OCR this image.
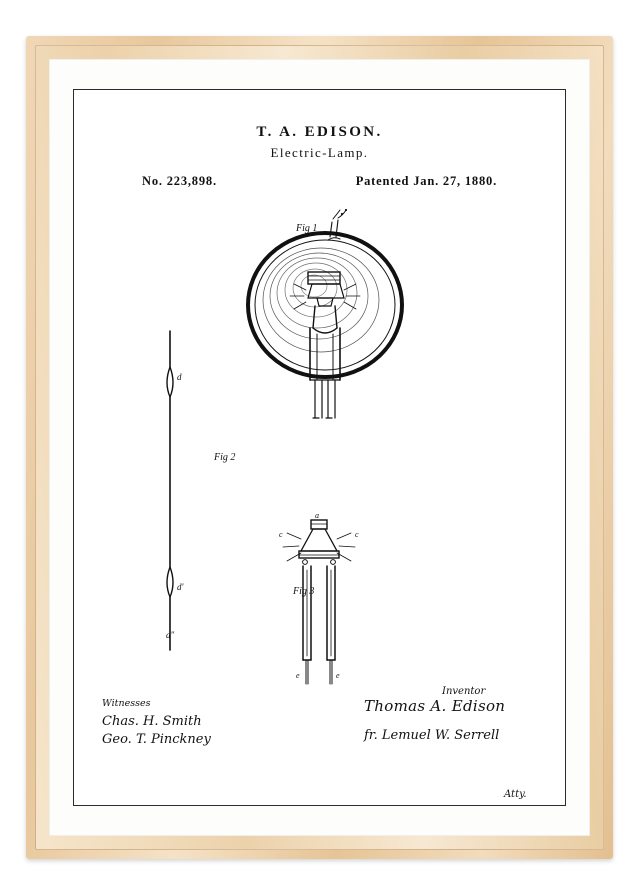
T. A. EDISON.
Electric-Lamp.
No. 223,898.	Patented Jan. 27, 1880.
Fig 1
Fig 2
Fig 3
d
d'
d"
a
c	c
e	e
Witnesses
Chas. H. Smith
Geo. T. Pinckney
Inventor
Thomas A. Edison
fr. Lemuel W. Serrell
Atty.
